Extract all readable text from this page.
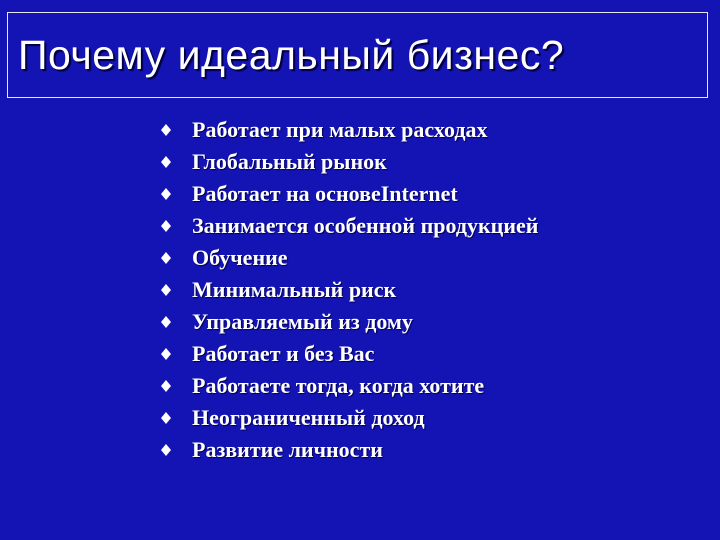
Почему идеальный бизнес?
Работает при малых расходах
Глобальный рынок
Работает на основеInternet
Занимается особенной продукцией
Обучение
Минимальный риск
Управляемый из дому
Работает и без Вас
Работаете тогда, когда хотите
Неограниченный доход
Развитие личности
